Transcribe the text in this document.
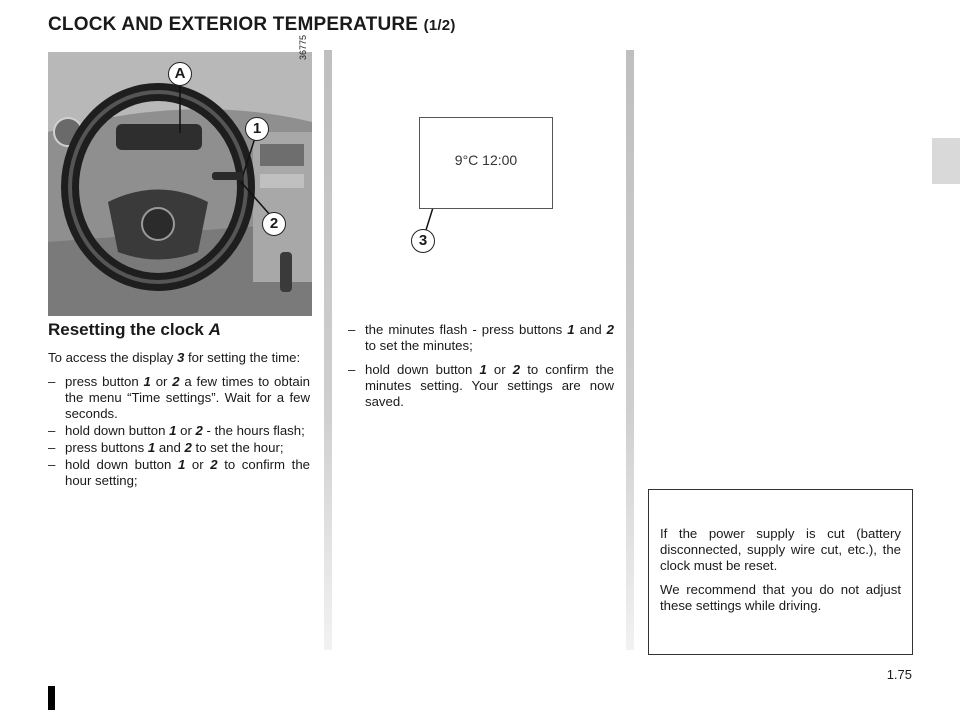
CLOCK AND EXTERIOR TEMPERATURE (1/2)
36775
A
1
2
3
9°C 12:00
Resetting the clock A

To access the display 3 for setting the time:

– press button 1 or 2 a few times to obtain the menu “Time settings”. Wait for a few seconds.
– hold down button 1 or 2 - the hours flash;
– press buttons 1 and 2 to set the hour;
– hold down button 1 or 2 to confirm the hour setting;
– the minutes flash - press buttons 1 and 2 to set the minutes;
– hold down button 1 or 2 to confirm the minutes setting. Your settings are now saved.

If the power supply is cut (battery disconnected, supply wire cut, etc.), the clock must be reset.

We recommend that you do not adjust these settings while driving.

1.75
